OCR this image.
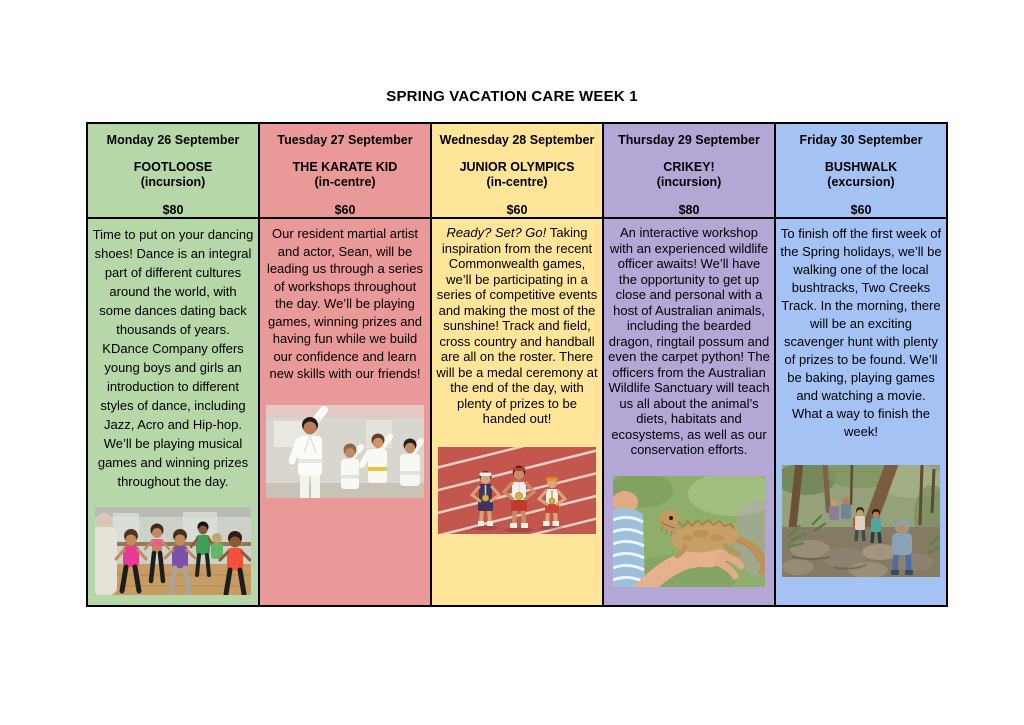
SPRING VACATION CARE WEEK 1
Monday 26 September
FOOTLOOSE
(incursion)
$80

Tuesday 27 September
THE KARATE KID
(in-centre)
$60

Wednesday 28 September
JUNIOR OLYMPICS
(in-centre)
$60

Thursday 29 September
CRIKEY!
(incursion)
$80

Friday 30 September
BUSHWALK
(excursion)
$60

Time to put on your dancing shoes! Dance is an integral part of different cultures around the world, with some dances dating back thousands of years. KDance Company offers young boys and girls an introduction to different styles of dance, including Jazz, Acro and Hip-hop. We’ll be playing musical games and winning prizes throughout the day.

Our resident martial artist and actor, Sean, will be leading us through a series of workshops throughout the day. We’ll be playing games, winning prizes and having fun while we build our confidence and learn new skills with our friends!

Ready? Set? Go! Taking inspiration from the recent Commonwealth games, we’ll be participating in a series of competitive events and making the most of the sunshine! Track and field, cross country and handball are all on the roster. There will be a medal ceremony at the end of the day, with plenty of prizes to be handed out!

An interactive workshop with an experienced wildlife officer awaits! We’ll have the opportunity to get up close and personal with a host of Australian animals, including the bearded dragon, ringtail possum and even the carpet python! The officers from the Australian Wildlife Sanctuary will teach us all about the animal’s diets, habitats and ecosystems, as well as our conservation efforts.

To finish off the first week of the Spring holidays, we’ll be walking one of the local bushtracks, Two Creeks Track. In the morning, there will be an exciting scavenger hunt with plenty of prizes to be found. We’ll be baking, playing games and watching a movie. What a way to finish the week!
